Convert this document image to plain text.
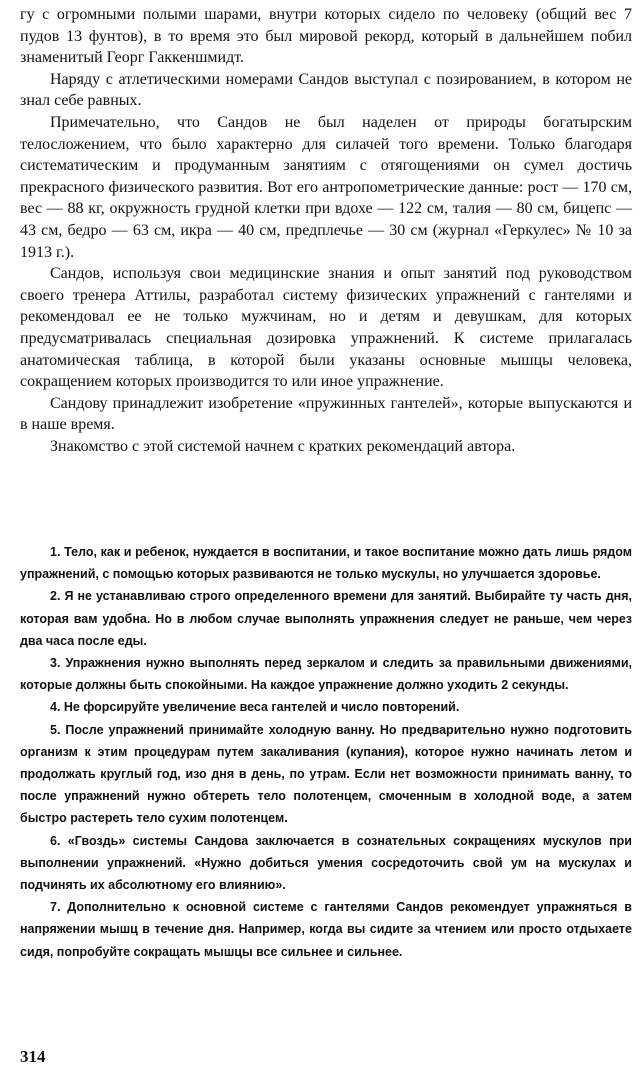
гу с огромными полыми шарами, внутри которых сидело по человеку (общий вес 7 пудов 13 фунтов), в то время это был мировой рекорд, который в дальнейшем побил знаменитый Георг Гаккеншмидт.

Наряду с атлетическими номерами Сандов выступал с позированием, в котором не знал себе равных.

Примечательно, что Сандов не был наделен от природы богатырским телосложением, что было характерно для силачей того времени. Только благодаря систематическим и продуманным занятиям с отягощениями он сумел достичь прекрасного физического развития. Вот его антропометрические данные: рост — 170 см, вес — 88 кг, окружность грудной клетки при вдохе — 122 см, талия — 80 см, бицепс — 43 см, бедро — 63 см, икра — 40 см, предплечье — 30 см (журнал «Геркулес» № 10 за 1913 г.).

Сандов, используя свои медицинские знания и опыт занятий под руководством своего тренера Аттилы, разработал систему физических упражнений с гантелями и рекомендовал ее не только мужчинам, но и детям и девушкам, для которых предусматривалась специальная дозировка упражнений. К системе прилагалась анатомическая таблица, в которой были указаны основные мышцы человека, сокращением которых производится то или иное упражнение.

Сандову принадлежит изобретение «пружинных гантелей», которые выпускаются и в наше время.

Знакомство с этой системой начнем с кратких рекомендаций автора.

1. Тело, как и ребенок, нуждается в воспитании, и такое воспитание можно дать лишь рядом упражнений, с помощью которых развиваются не только мускулы, но улучшается здоровье.

2. Я не устанавливаю строго определенного времени для занятий. Выбирайте ту часть дня, которая вам удобна. Но в любом случае выполнять упражнения следует не раньше, чем через два часа после еды.

3. Упражнения нужно выполнять перед зеркалом и следить за правильными движениями, которые должны быть спокойными. На каждое упражнение должно уходить 2 секунды.

4. Не форсируйте увеличение веса гантелей и число повторений.

5. После упражнений принимайте холодную ванну. Но предварительно нужно подготовить организм к этим процедурам путем закаливания (купания), которое нужно начинать летом и продолжать круглый год, изо дня в день, по утрам. Если нет возможности принимать ванну, то после упражнений нужно обтереть тело полотенцем, смоченным в холодной воде, а затем быстро растереть тело сухим полотенцем.

6. «Гвоздь» системы Сандова заключается в сознательных сокращениях мускулов при выполнении упражнений. «Нужно добиться умения сосредоточить свой ум на мускулах и подчинять их абсолютному его влиянию».

7. Дополнительно к основной системе с гантелями Сандов рекомендует упражняться в напряжении мышц в течение дня. Например, когда вы сидите за чтением или просто отдыхаете сидя, попробуйте сокращать мышцы все сильнее и сильнее.

314
